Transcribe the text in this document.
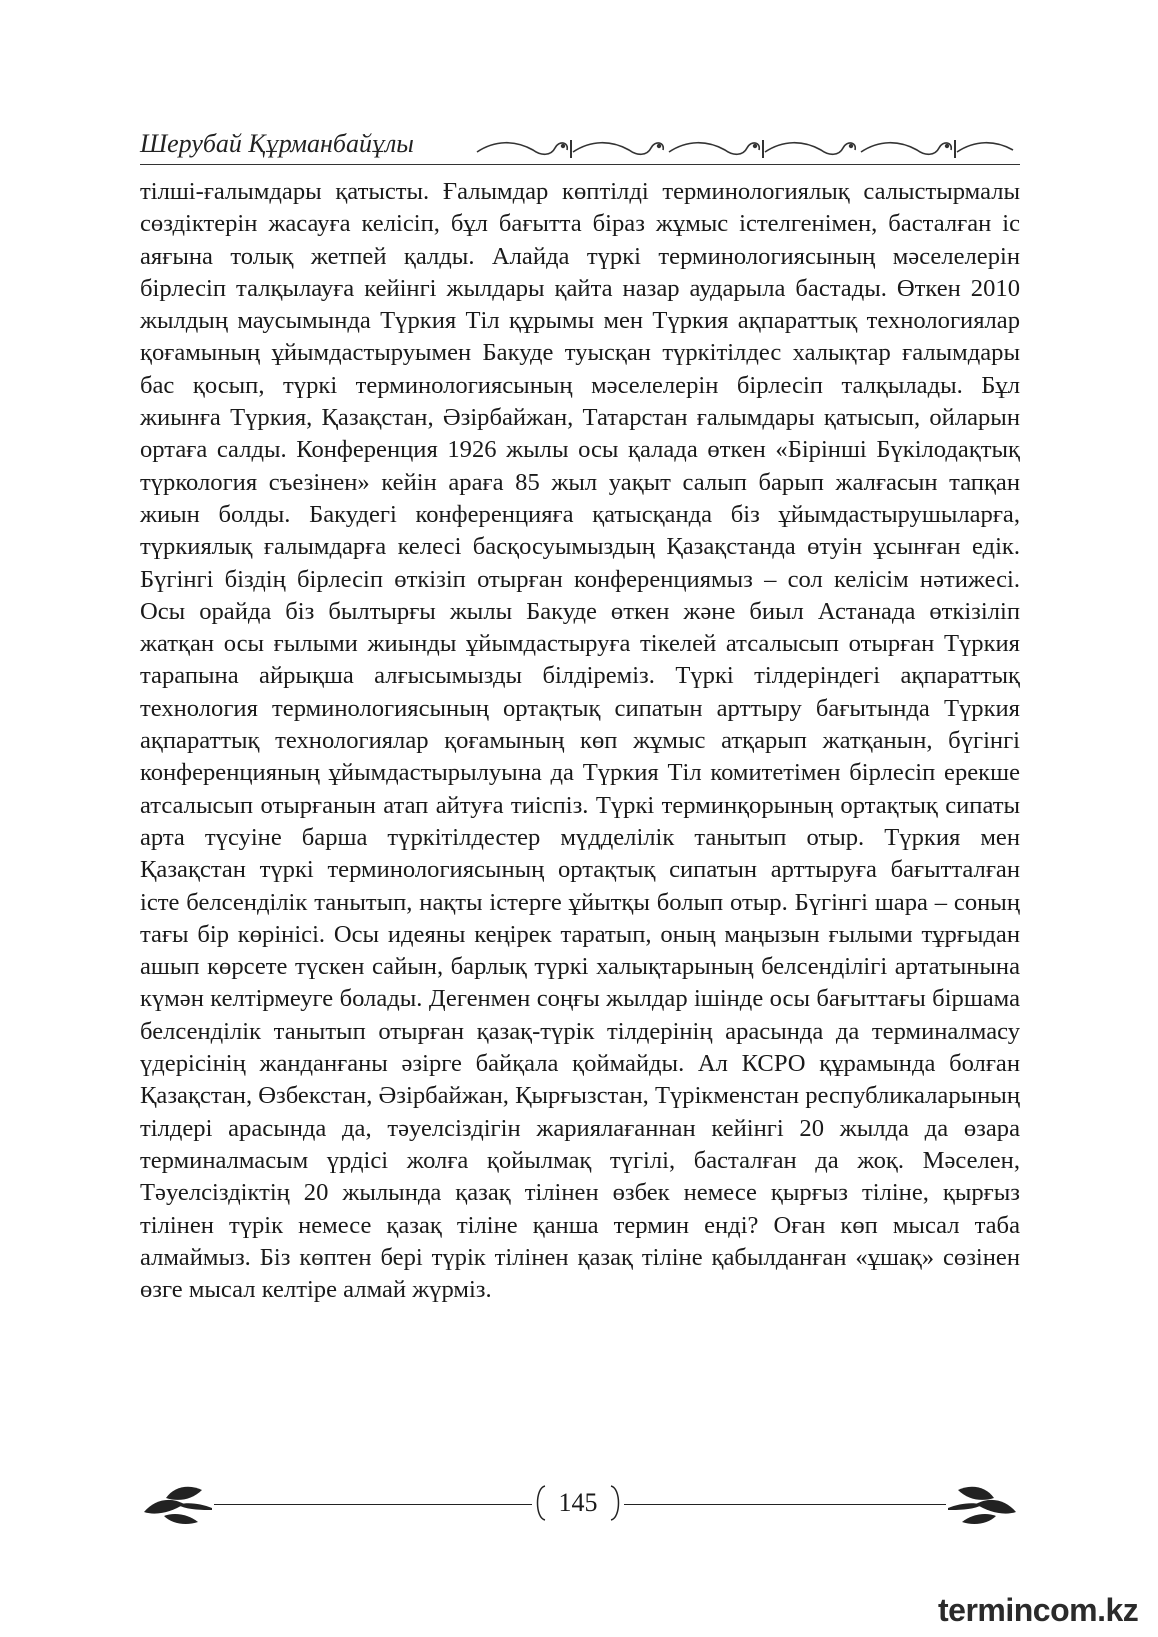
Шерубай Құрманбайұлы

тілші-ғалымдары қатысты. Ғалымдар көптілді терминологиялық салыстырмалы сөздіктерін жасауға келісіп, бұл бағытта біраз жұмыс істелгенімен, басталған іс аяғына толық жетпей қалды. Алайда түркі терминологиясының мәселелерін бірлесіп талқылауға кейінгі жылдары қайта назар аударыла бастады. Өткен 2010 жылдың маусымында Түркия Тіл құрымы мен Түркия ақпараттық технологиялар қоғамының ұйымдастыруымен Бакуде туысқан түркітілдес халықтар ғалымдары бас қосып, түркі терминологиясының мәселелерін бірлесіп талқылады. Бұл жиынға Түркия, Қазақстан, Әзірбайжан, Татарстан ғалымдары қатысып, ойларын ортаға салды. Конференция 1926 жылы осы қалада өткен «Бірінші Бүкілодақтық түркология съезінен» кейін араға 85 жыл уақыт салып барып жалғасын тапқан жиын болды. Бакудегі конференцияға қатысқанда біз ұйымдастырушыларға, түркиялық ғалымдарға келесі басқосуымыздың Қазақстанда өтуін ұсынған едік. Бүгінгі біздің бірлесіп өткізіп отырған конференциямыз – сол келісім нәтижесі. Осы орайда біз былтырғы жылы Бакуде өткен және биыл Астанада өткізіліп жатқан осы ғылыми жиынды ұйымдастыруға тікелей атсалысып отырған Түркия тарапына айрықша алғысымызды білдіреміз. Түркі тілдеріндегі ақпараттық технология терминологиясының ортақтық сипатын арттыру бағытында Түркия ақпараттық технологиялар қоғамының көп жұмыс атқарып жатқанын, бүгінгі конференцияның ұйымдастырылуына да Түркия Тіл комитетімен бірлесіп ерекше атсалысып отырғанын атап айтуға тиіспіз. Түркі терминқорының ортақтық сипаты арта түсуіне барша түркітілдестер мүдделілік танытып отыр. Түркия мен Қазақстан түркі терминологиясының ортақтық сипатын арттыруға бағытталған істе белсенділік танытып, нақты істерге ұйытқы болып отыр. Бүгінгі шара – соның тағы бір көрінісі. Осы идеяны кеңірек таратып, оның маңызын ғылыми тұрғыдан ашып көрсете түскен сайын, барлық түркі халықтарының белсенділігі артатынына күмән келтірмеуге болады. Дегенмен соңғы жылдар ішінде осы бағыттағы біршама белсенділік танытып отырған қазақ-түрік тілдерінің арасында да терминалмасу үдерісінің жанданғаны әзірге байқала қоймайды. Ал КСРО құрамында болған Қазақстан, Өзбекстан, Әзірбайжан, Қырғызстан, Түрікменстан республикаларының тілдері арасында да, тәуелсіздігін жариялағаннан кейінгі 20 жылда да өзара терминалмасым үрдісі жолға қойылмақ түгілі, басталған да жоқ. Мәселен, Тәуелсіздіктің 20 жылында қазақ тілінен өзбек немесе қырғыз тіліне, қырғыз тілінен түрік немесе қазақ тіліне қанша термин енді? Оған көп мысал таба алмаймыз. Біз көптен бері түрік тілінен қазақ тіліне қабылданған «ұшақ» сөзінен өзге мысал келтіре алмай жүрміз.

145
termincom.kz
